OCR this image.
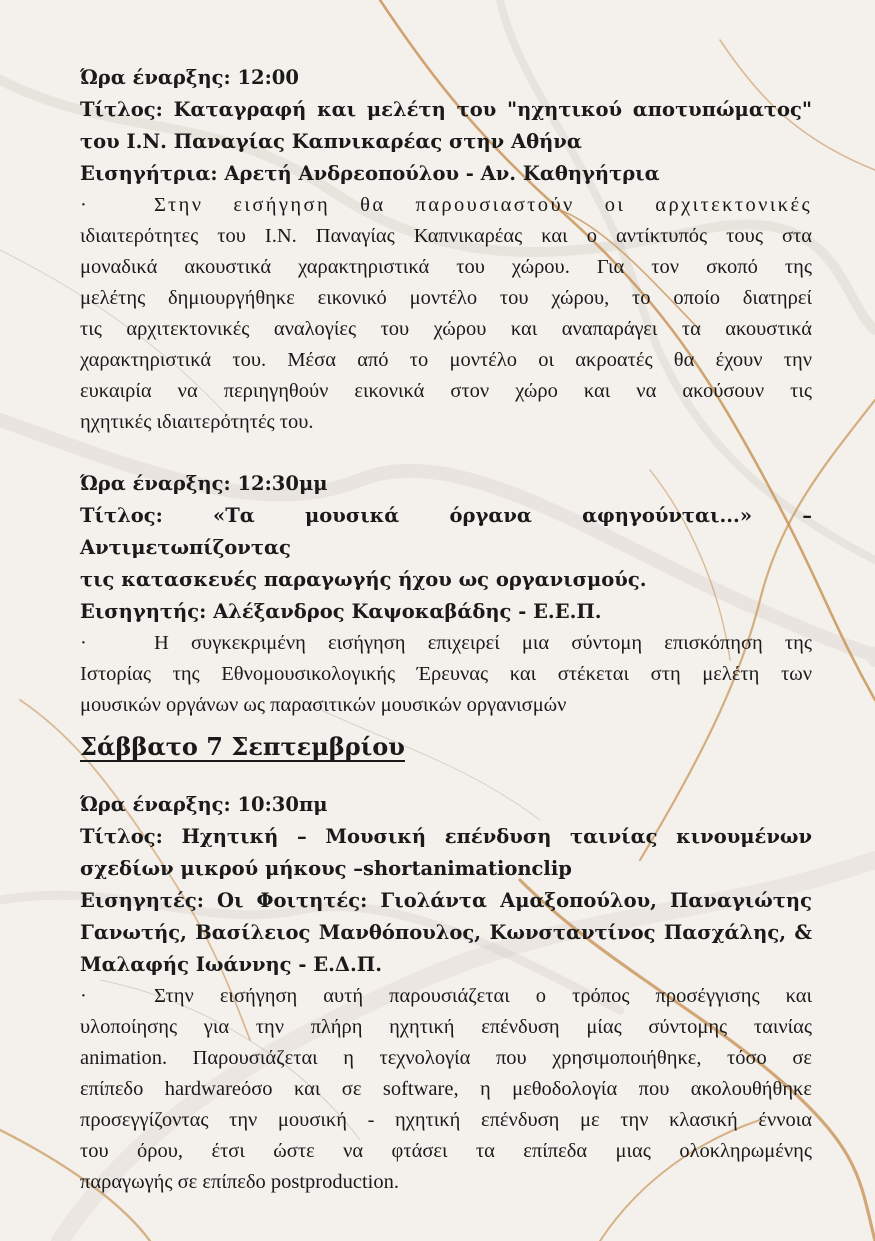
Ώρα έναρξης: 12:00

Τίτλος: Καταγραφή και μελέτη του "ηχητικού αποτυπώματος"

του Ι.Ν. Παναγίας Καπνικαρέας στην Αθήνα

Εισηγήτρια: Αρετή Ανδρεοπούλου - Αν. Καθηγήτρια

·	Στην εισήγηση θα παρουσιαστούν οι αρχιτεκτονικές
ιδιαιτερότητες του Ι.Ν. Παναγίας Καπνικαρέας και ο αντίκτυπός τους στα
μοναδικά ακουστικά χαρακτηριστικά του χώρου. Για τον σκοπό της
μελέτης δημιουργήθηκε εικονικό μοντέλο του χώρου, το οποίο διατηρεί
τις αρχιτεκτονικές αναλογίες του χώρου και αναπαράγει τα ακουστικά
χαρακτηριστικά του. Μέσα από το μοντέλο οι ακροατές θα έχουν την
ευκαιρία να περιηγηθούν εικονικά στον χώρο και να ακούσουν τις
ηχητικές ιδιαιτερότητές του.

Ώρα έναρξης: 12:30μμ

Τίτλος: «Τα μουσικά όργανα αφηγούνται...» – Αντιμετωπίζοντας

τις κατασκευές παραγωγής ήχου ως οργανισμούς.

Εισηγητής: Αλέξανδρος Καψοκαβάδης - Ε.Ε.Π.

·	Η συγκεκριμένη εισήγηση επιχειρεί μια σύντομη επισκόπηση της
Ιστορίας της Εθνομουσικολογικής Έρευνας και στέκεται στη μελέτη των
μουσικών οργάνων ως παρασιτικών μουσικών οργανισμών

Σάββατο 7 Σεπτεμβρίου

Ώρα έναρξης: 10:30πμ

Τίτλος: Ηχητική – Μουσική επένδυση ταινίας κινουμένων

σχεδίων μικρού μήκους –shortanimationclip

Εισηγητές: Οι Φοιτητές: Γιολάντα Αμαξοπούλου, Παναγιώτης

Γανωτής, Βασίλειος Μανθόπουλος, Κωνσταντίνος Πασχάλης, &

Μαλαφής Ιωάννης - Ε.Δ.Π.

·	Στην εισήγηση αυτή παρουσιάζεται ο τρόπος προσέγγισης και
υλοποίησης για την πλήρη ηχητική επένδυση μίας σύντομης ταινίας
animation. Παρουσιάζεται η τεχνολογία που χρησιμοποιήθηκε, τόσο σε
επίπεδο hardwareόσο και σε software, η μεθοδολογία που ακολουθήθηκε
προσεγγίζοντας την μουσική - ηχητική επένδυση με την κλασική έννοια
του όρου, έτσι ώστε να φτάσει τα επίπεδα μιας ολοκληρωμένης
παραγωγής σε επίπεδο postproduction.
